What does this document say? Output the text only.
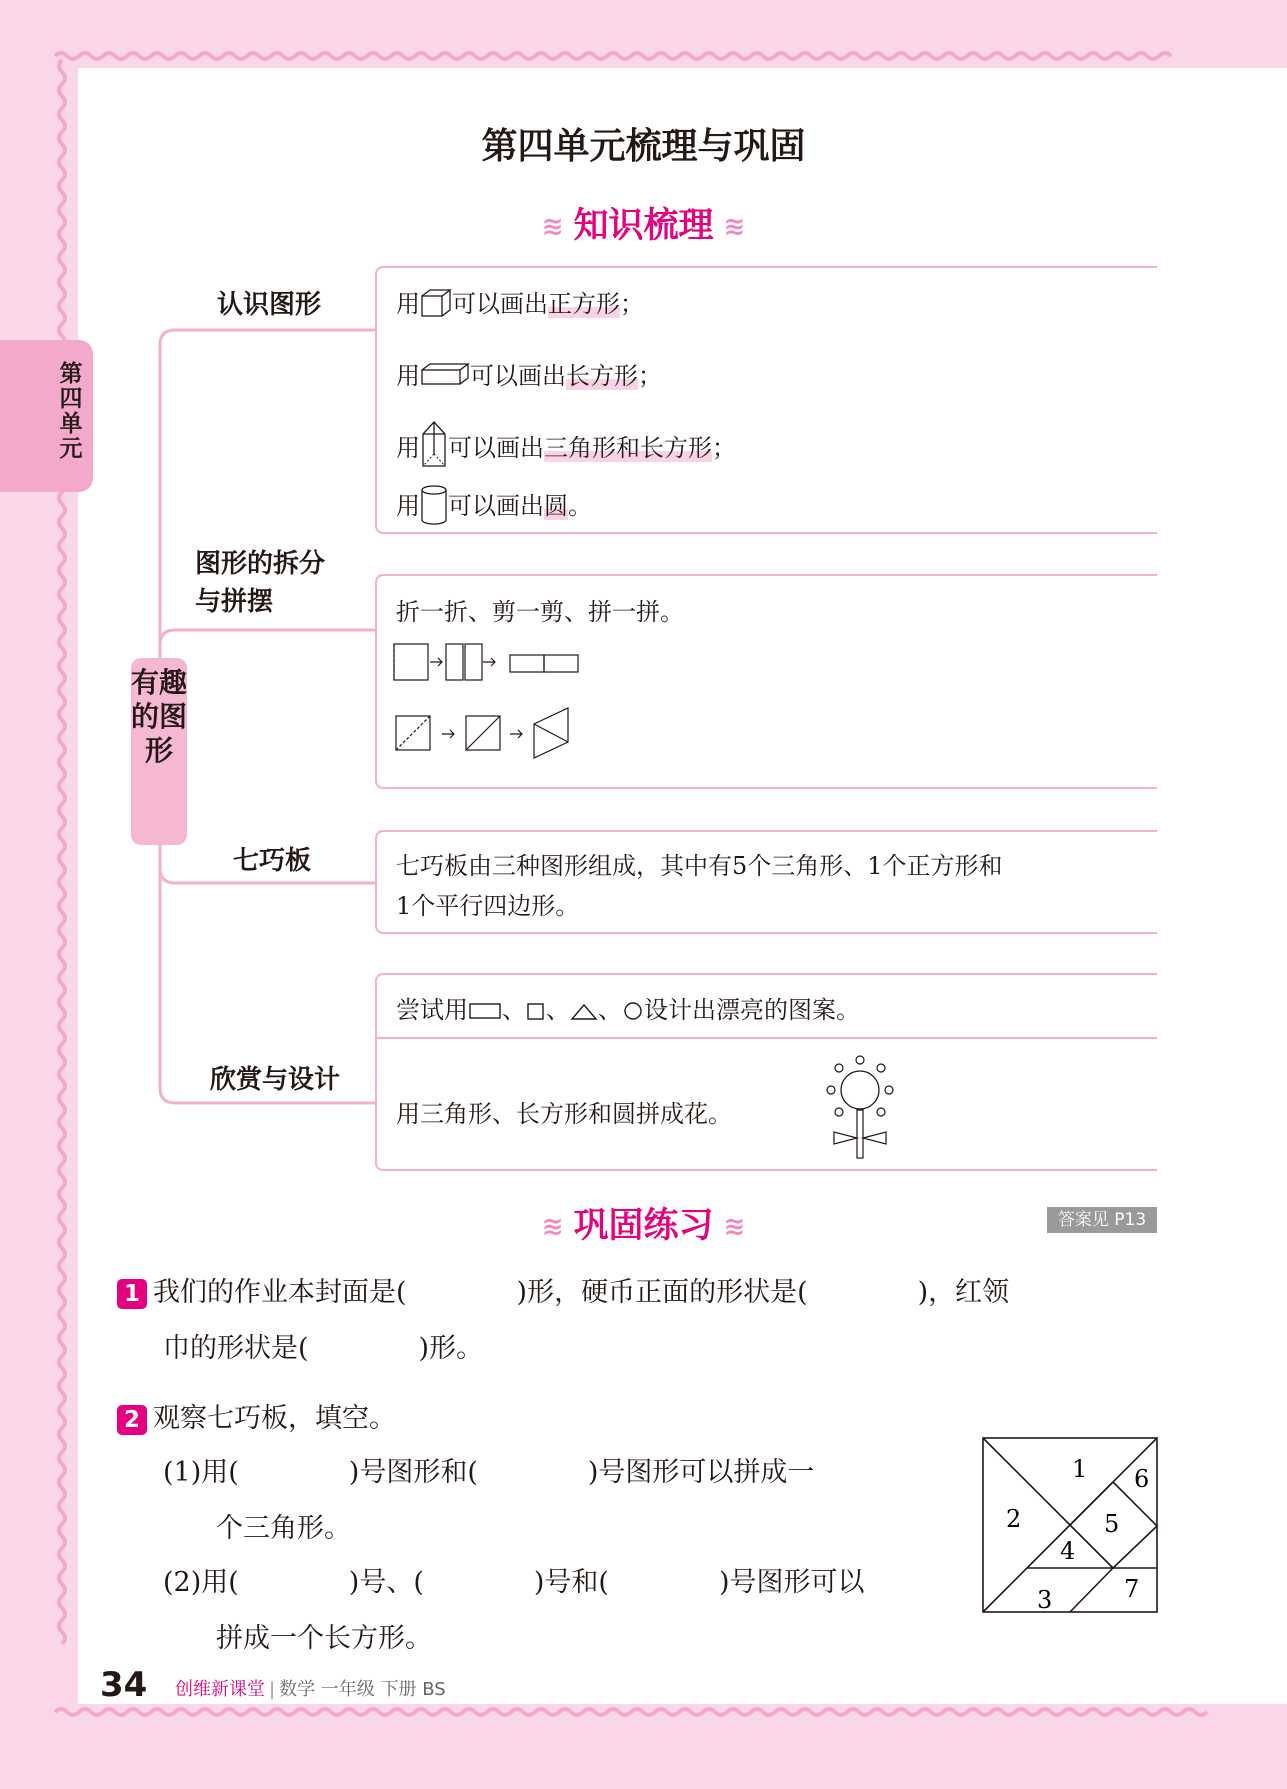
第四单元
第四单元梳理与巩固
≋ 知识梳理 ≋
有趣的图形
认识图形	用 可以画出正方形；
用 可以画出长方形；
用 可以画出三角形和长方形；
用 可以画出圆。
图形的拆分
与拼摆	折一折、剪一剪、拼一拼。
七巧板	七巧板由三种图形组成，其中有5个三角形、1个正方形和
1个平行四边形。
欣赏与设计
尝试用 、 、 、 设计出漂亮的图案。
用三角形、长方形和圆拼成花。
≋ 巩固练习 ≋	答案见 P13
1 我们的作业本封面是(	)形，硬币正面的形状是(	)，红领
巾的形状是(	)形。
2 观察七巧板，填空。
(1)用(	)号图形和(	)号图形可以拼成一
个三角形。
(2)用(	)号、(	)号和(	)号图形可以
拼成一个长方形。
1
2
3
4
5
6
7
34 创维新课堂 | 数学 一年级 下册 BS
